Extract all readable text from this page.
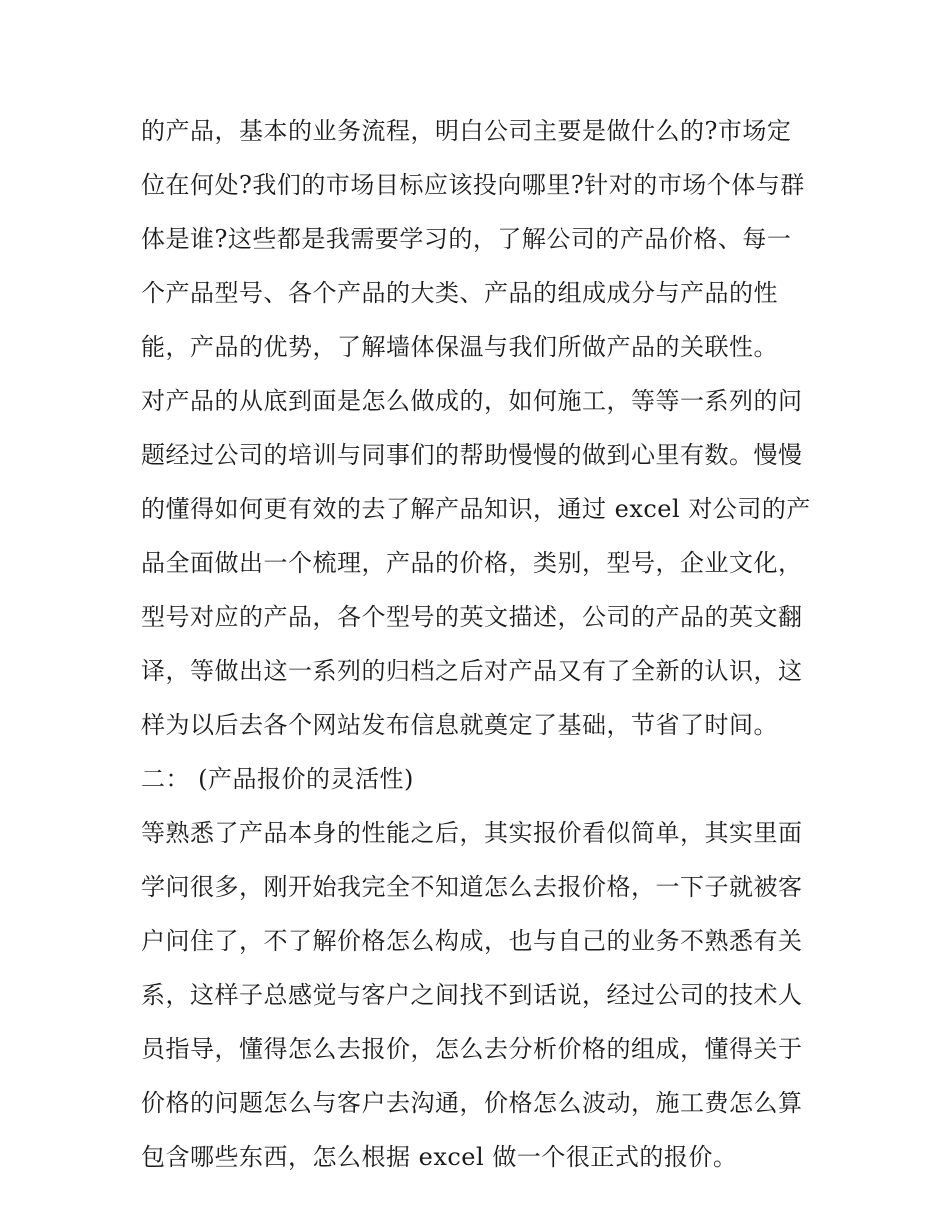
的产品，基本的业务流程，明白公司主要是做什么的?市场定
位在何处?我们的市场目标应该投向哪里?针对的市场个体与群
体是谁?这些都是我需要学习的，了解公司的产品价格、每一
个产品型号、各个产品的大类、产品的组成成分与产品的性
能，产品的优势，了解墙体保温与我们所做产品的关联性。
对产品的从底到面是怎么做成的，如何施工，等等一系列的问
题经过公司的培训与同事们的帮助慢慢的做到心里有数。慢慢
的懂得如何更有效的去了解产品知识，通过 excel 对公司的产
品全面做出一个梳理，产品的价格，类别，型号，企业文化，
型号对应的产品，各个型号的英文描述，公司的产品的英文翻
译，等做出这一系列的归档之后对产品又有了全新的认识，这
样为以后去各个网站发布信息就奠定了基础，节省了时间。
二： (产品报价的灵活性)
等熟悉了产品本身的性能之后，其实报价看似简单，其实里面
学问很多，刚开始我完全不知道怎么去报价格，一下子就被客
户问住了，不了解价格怎么构成，也与自己的业务不熟悉有关
系，这样子总感觉与客户之间找不到话说，经过公司的技术人
员指导，懂得怎么去报价，怎么去分析价格的组成，懂得关于
价格的问题怎么与客户去沟通，价格怎么波动，施工费怎么算
包含哪些东西，怎么根据 excel 做一个很正式的报价。
